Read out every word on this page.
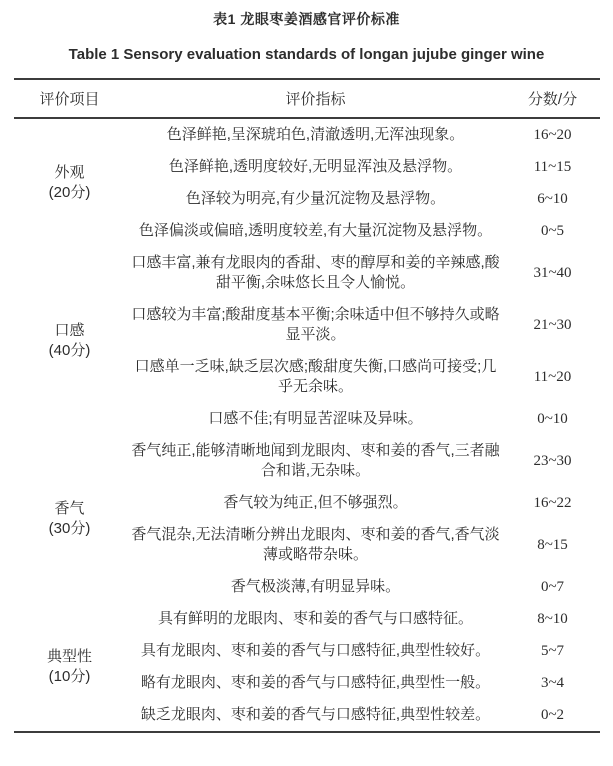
表1 龙眼枣姜酒感官评价标准
Table 1 Sensory evaluation standards of longan jujube ginger wine
评价项目	评价指标	分数/分
外观
(20分)	色泽鲜艳,呈深琥珀色,清澈透明,无浑浊现象。	16~20
	色泽鲜艳,透明度较好,无明显浑浊及悬浮物。	11~15
	色泽较为明亮,有少量沉淀物及悬浮物。	6~10
	色泽偏淡或偏暗,透明度较差,有大量沉淀物及悬浮物。	0~5
口感
(40分)	口感丰富,兼有龙眼肉的香甜、枣的醇厚和姜的辛辣感,酸甜平衡,余味悠长且令人愉悦。	31~40
	口感较为丰富;酸甜度基本平衡;余味适中但不够持久或略显平淡。	21~30
	口感单一乏味,缺乏层次感;酸甜度失衡,口感尚可接受;几乎无余味。	11~20
	口感不佳;有明显苦涩味及异味。	0~10
香气
(30分)	香气纯正,能够清晰地闻到龙眼肉、枣和姜的香气,三者融合和谐,无杂味。	23~30
	香气较为纯正,但不够强烈。	16~22
	香气混杂,无法清晰分辨出龙眼肉、枣和姜的香气,香气淡薄或略带杂味。	8~15
	香气极淡薄,有明显异味。	0~7
典型性
(10分)	具有鲜明的龙眼肉、枣和姜的香气与口感特征。	8~10
	具有龙眼肉、枣和姜的香气与口感特征,典型性较好。	5~7
	略有龙眼肉、枣和姜的香气与口感特征,典型性一般。	3~4
	缺乏龙眼肉、枣和姜的香气与口感特征,典型性较差。	0~2
